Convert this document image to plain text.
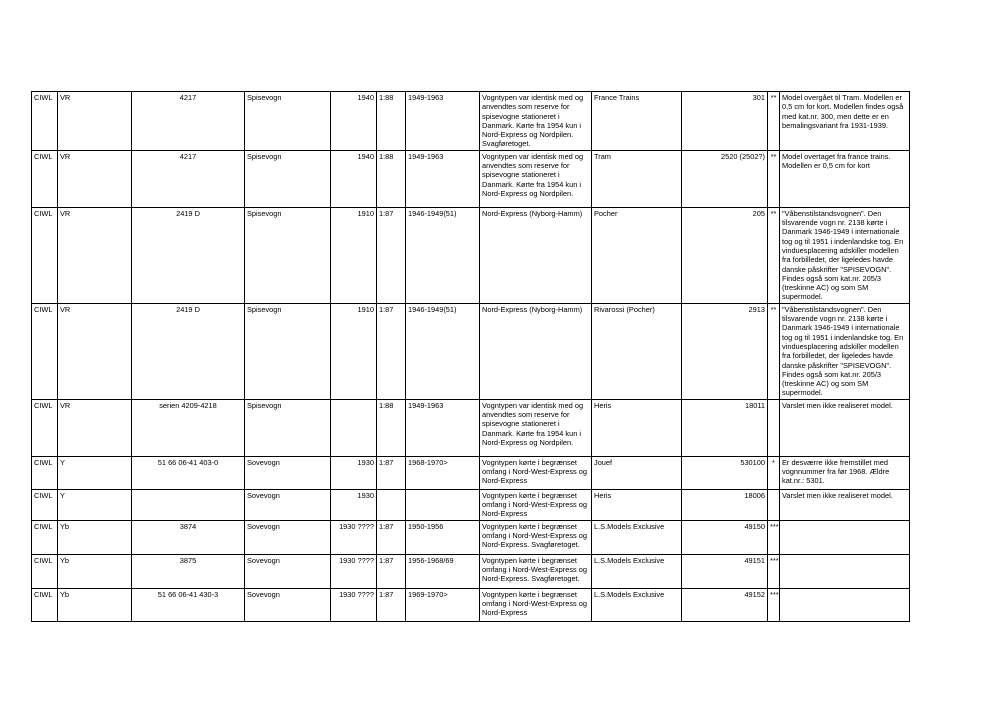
CIWL	VR	4217	Spisevogn	1940	1:88	1949-1963	Vogntypen var identisk med og anvendtes som reserve for spisevogne stationeret i Danmark. Kørte fra 1954 kun i Nord-Express og Nordpilen. Svagføretoget.	France Trains	301	**	Model overgået til Tram. Modellen er 0,5 cm for kort. Modellen findes også med kat.nr. 300, men dette er en bemalingsvariant fra 1931-1939.
CIWL	VR	4217	Spisevogn	1940	1:88	1949-1963	Vogntypen var identisk med og anvendtes som reserve for spisevogne stationeret i Danmark. Kørte fra 1954 kun i Nord-Express og Nordpilen.	Tram	2520 (2502?)	**	Model overtaget fra france trains. Modellen er 0,5 cm for kort
CIWL	VR	2419 D	Spisevogn	1910	1:87	1946-1949(51)	Nord-Express (Nyborg-Hamm)	Pocher	205	**	"Våbenstilstandsvognen". Den tilsvarende vogn nr. 2138 kørte i Danmark 1946-1949 i internationale tog og til 1951 i indenlandske tog. En vinduesplacering adskiller modellen fra forbilledet, der ligeledes havde danske påskrifter "SPISEVOGN". Findes også som kat.nr. 205/3 (treskinne AC) og som SM supermodel.
CIWL	VR	2419 D	Spisevogn	1910	1:87	1946-1949(51)	Nord-Express (Nyborg-Hamm)	Rivarossi (Pocher)	2913	**	"Våbenstilstandsvognen". Den tilsvarende vogn nr. 2138 kørte i Danmark 1946-1949 i internationale tog og til 1951 i indenlandske tog. En vinduesplacering adskiller modellen fra forbilledet, der ligeledes havde danske påskrifter "SPISEVOGN". Findes også som kat.nr. 205/3 (treskinne AC) og som SM supermodel.
CIWL	VR	serien 4209-4218	Spisevogn		1:88	1949-1963	Vogntypen var identisk med og anvendtes som reserve for spisevogne stationeret i Danmark. Kørte fra 1954 kun i Nord-Express og Nordpilen.	Heris	18011		Varslet men ikke realiseret model.
CIWL	Y	51 66 06-41 403-0	Sovevogn	1930	1:87	1968-1970>	Vogntypen kørte i begrænset omfang i Nord-West-Express og Nord-Express	Jouef	530100	*	Er desværre ikke fremstillet med vognnummer fra før 1968. Ældre kat.nr.: 5301.
CIWL	Y		Sovevogn	1930			Vogntypen kørte i begrænset omfang i Nord-West-Express og Nord-Express	Heris	18006		Varslet men ikke realiseret model.
CIWL	Yb	3874	Sovevogn	1930 ????	1:87	1950-1956	Vogntypen kørte i begrænset omfang i Nord-West-Express og Nord-Express. Svagføretoget.	L.S.Models Exclusive	49150	***	
CIWL	Yb	3875	Sovevogn	1930 ????	1:87	1956-1968/69	Vogntypen kørte i begrænset omfang i Nord-West-Express og Nord-Express. Svagføretoget.	L.S.Models Exclusive	49151	***	
CIWL	Yb	51 66 06-41 430-3	Sovevogn	1930 ????	1:87	1969-1970>	Vogntypen kørte i begrænset omfang i Nord-West-Express og Nord-Express	L.S.Models Exclusive	49152	***	
